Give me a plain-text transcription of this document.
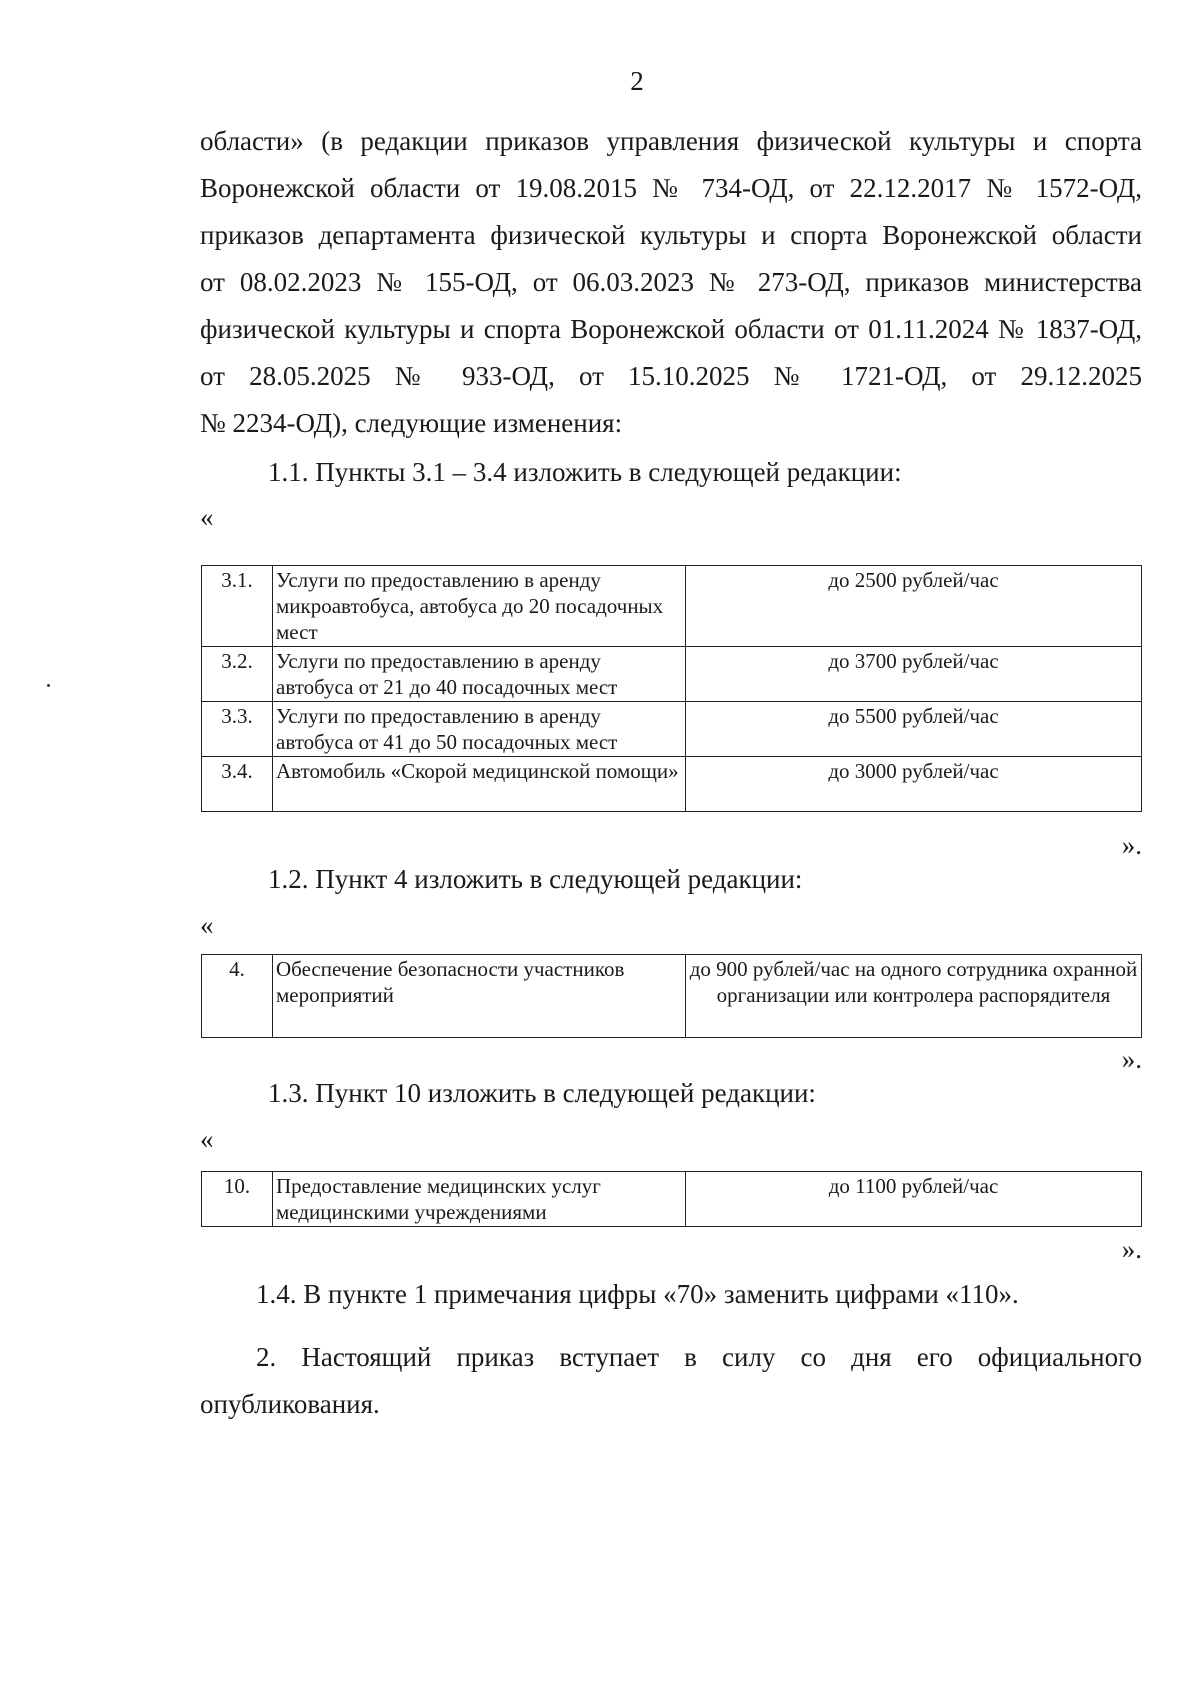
2
области» (в редакции приказов управления физической культуры и спорта
Воронежской области от 19.08.2015 № 734-ОД, от 22.12.2017 № 1572-ОД,
приказов департамента физической культуры и спорта Воронежской области
от 08.02.2023 № 155-ОД, от 06.03.2023 № 273-ОД, приказов министерства
физической культуры и спорта Воронежской области от 01.11.2024 № 1837-ОД,
от 28.05.2025 № 933-ОД, от 15.10.2025 № 1721-ОД, от 29.12.2025
№ 2234-ОД), следующие изменения:
1.1. Пункты 3.1 – 3.4 изложить в следующей редакции:
«
3.1.	Услуги по предоставлению в аренду микроавтобуса, автобуса до 20 посадочных мест	до 2500 рублей/час
3.2.	Услуги по предоставлению в аренду автобуса от 21 до 40 посадочных мест	до 3700 рублей/час
3.3.	Услуги по предоставлению в аренду автобуса от 41 до 50 посадочных мест	до 5500 рублей/час
3.4.	Автомобиль «Скорой медицинской помощи»	до 3000 рублей/час
».
1.2. Пункт 4 изложить в следующей редакции:
«
4.	Обеспечение безопасности участников мероприятий	до 900 рублей/час на одного сотрудника охранной организации или контролера распорядителя
».
1.3. Пункт 10 изложить в следующей редакции:
«
10.	Предоставление медицинских услуг медицинскими учреждениями	до 1100 рублей/час
».
1.4. В пункте 1 примечания цифры «70» заменить цифрами «110».
2. Настоящий приказ вступает в силу со дня его официального
опубликования.
